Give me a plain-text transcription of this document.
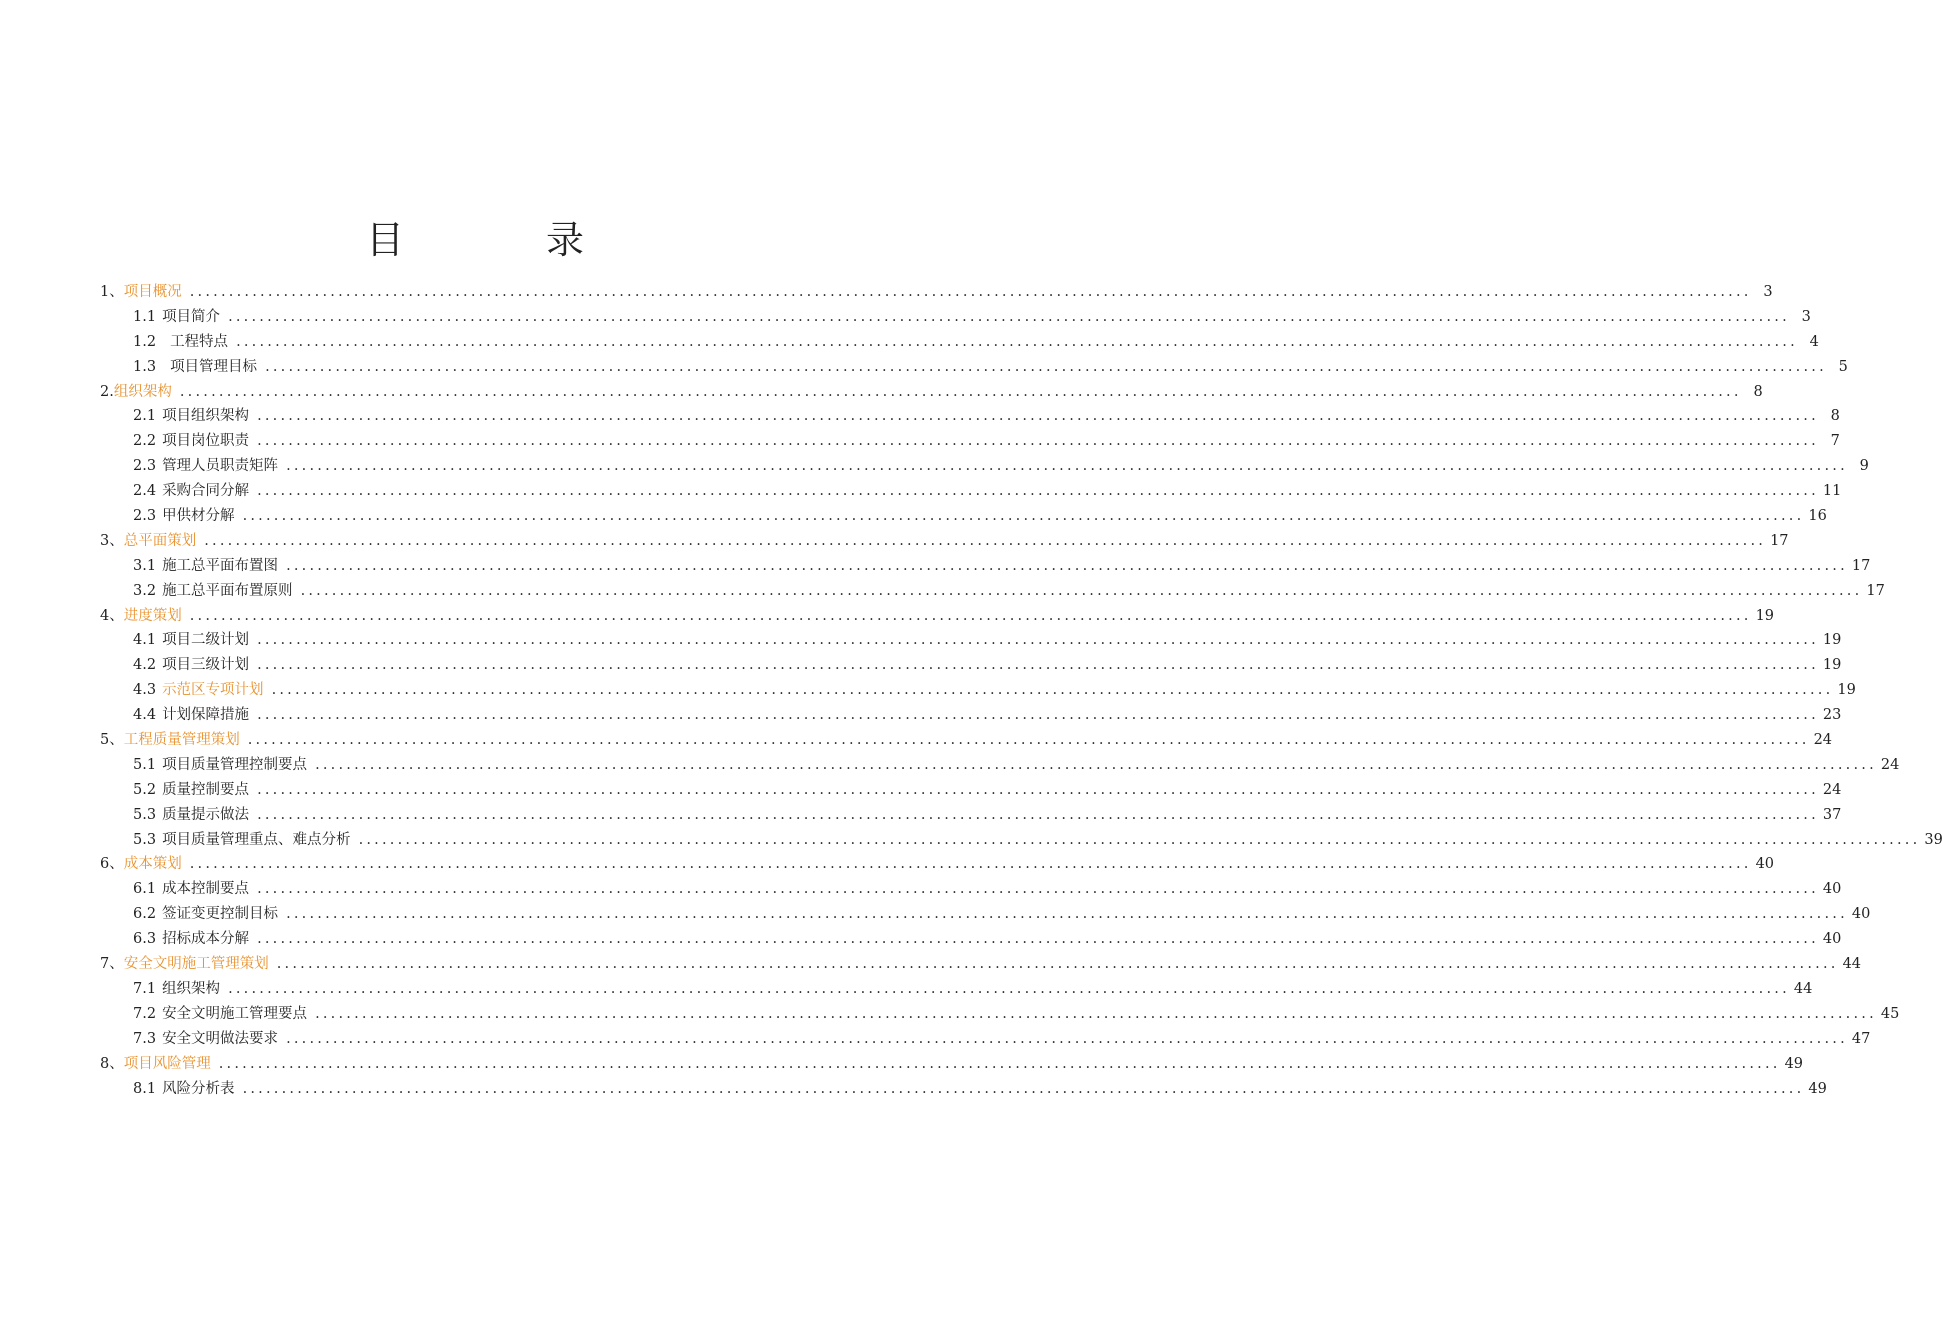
目　录
1、 项目概况 ........................................................................................................................................................................................................ 3
1.1 项目简介 ........................................................................................................................................................................................................ 3
1.2 工程特点 ........................................................................................................................................................................................................ 4
1.3 项目管理目标 ........................................................................................................................................................................................................ 5
2. 组织架构 ........................................................................................................................................................................................................ 8
2.1 项目组织架构 ........................................................................................................................................................................................................ 8
2.2 项目岗位职责 ........................................................................................................................................................................................................ 7
2.3 管理人员职责矩阵 ........................................................................................................................................................................................................ 9
2.4 采购合同分解 ........................................................................................................................................................................................................ 11
2.3 甲供材分解 ........................................................................................................................................................................................................ 16
3、 总平面策划 ........................................................................................................................................................................................................ 17
3.1 施工总平面布置图 ........................................................................................................................................................................................................ 17
3.2 施工总平面布置原则 ........................................................................................................................................................................................................ 17
4、 进度策划 ........................................................................................................................................................................................................ 19
4.1 项目二级计划 ........................................................................................................................................................................................................ 19
4.2 项目三级计划 ........................................................................................................................................................................................................ 19
4.3 示范区专项计划 ........................................................................................................................................................................................................ 19
4.4 计划保障措施 ........................................................................................................................................................................................................ 23
5、 工程质量管理策划 ........................................................................................................................................................................................................ 24
5.1 项目质量管理控制要点 ........................................................................................................................................................................................................ 24
5.2 质量控制要点 ........................................................................................................................................................................................................ 24
5.3 质量提示做法 ........................................................................................................................................................................................................ 37
5.3 项目质量管理重点、难点分析 ........................................................................................................................................................................................................ 39
6、 成本策划 ........................................................................................................................................................................................................ 40
6.1 成本控制要点 ........................................................................................................................................................................................................ 40
6.2 签证变更控制目标 ........................................................................................................................................................................................................ 40
6.3 招标成本分解 ........................................................................................................................................................................................................ 40
7、 安全文明施工管理策划 ........................................................................................................................................................................................................ 44
7.1 组织架构 ........................................................................................................................................................................................................ 44
7.2 安全文明施工管理要点 ........................................................................................................................................................................................................ 45
7.3 安全文明做法要求 ........................................................................................................................................................................................................ 47
8、 项目风险管理 ........................................................................................................................................................................................................ 49
8.1 风险分析表 ........................................................................................................................................................................................................ 49
